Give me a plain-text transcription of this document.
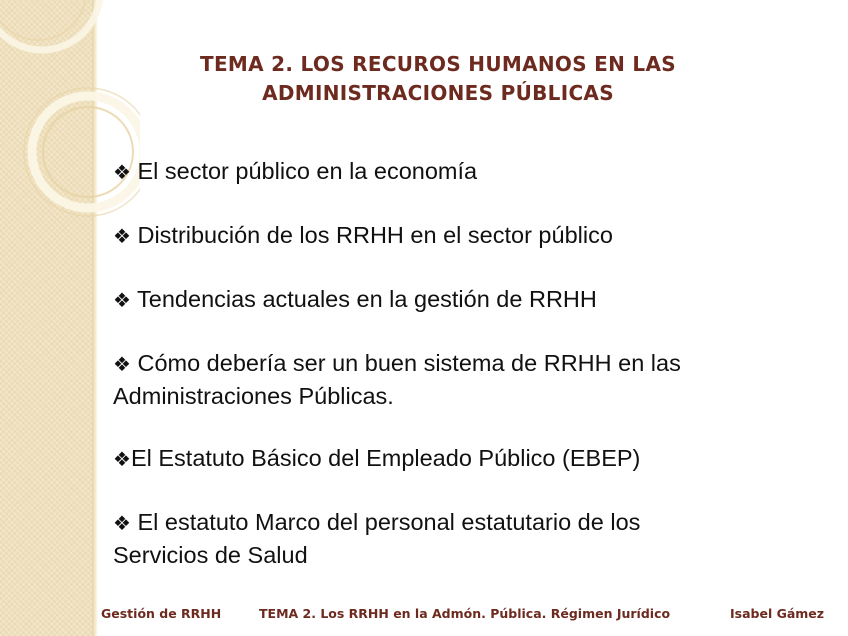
TEMA 2. LOS RECUROS HUMANOS EN LAS
ADMINISTRACIONES PÚBLICAS
❖ El sector público en la economía
❖ Distribución de los RRHH en el sector público
❖ Tendencias actuales en la gestión de RRHH
❖ Cómo debería ser un buen sistema de RRHH en las
Administraciones Públicas.
❖El Estatuto Básico del Empleado Público (EBEP)
❖ El estatuto Marco del personal estatutario de los
Servicios de Salud
Gestión de RRHH	TEMA 2. Los RRHH en la Admón. Pública. Régimen Jurídico	Isabel Gámez
